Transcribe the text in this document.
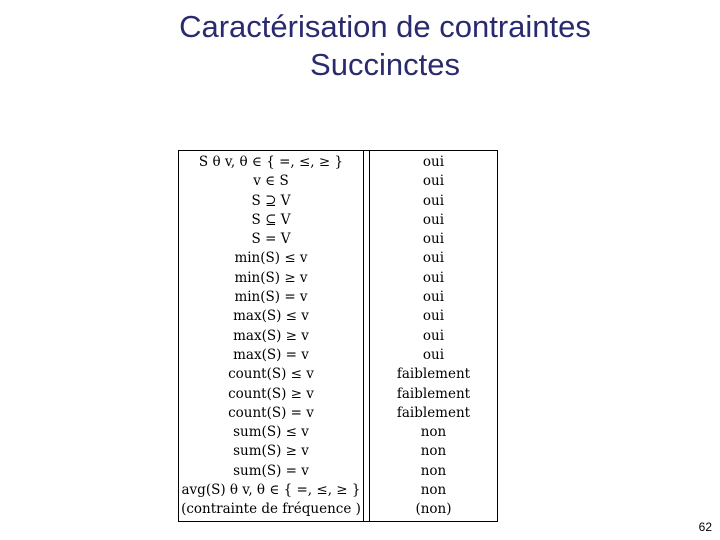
Caractérisation de contraintes
Succinctes
S θ v, θ ∈ { =, ≤, ≥ }
v ∈ S
S ⊇ V
S ⊆ V
S = V
min(S) ≤ v
min(S) ≥ v
min(S) = v
max(S) ≤ v
max(S) ≥ v
max(S) = v
count(S) ≤ v
count(S) ≥ v
count(S) = v
sum(S) ≤ v
sum(S) ≥ v
sum(S) = v
avg(S) θ v, θ ∈ { =, ≤, ≥ }
(contrainte de fréquence )
oui
oui
oui
oui
oui
oui
oui
oui
oui
oui
oui
faiblement
faiblement
faiblement
non
non
non
non
(non)
62
